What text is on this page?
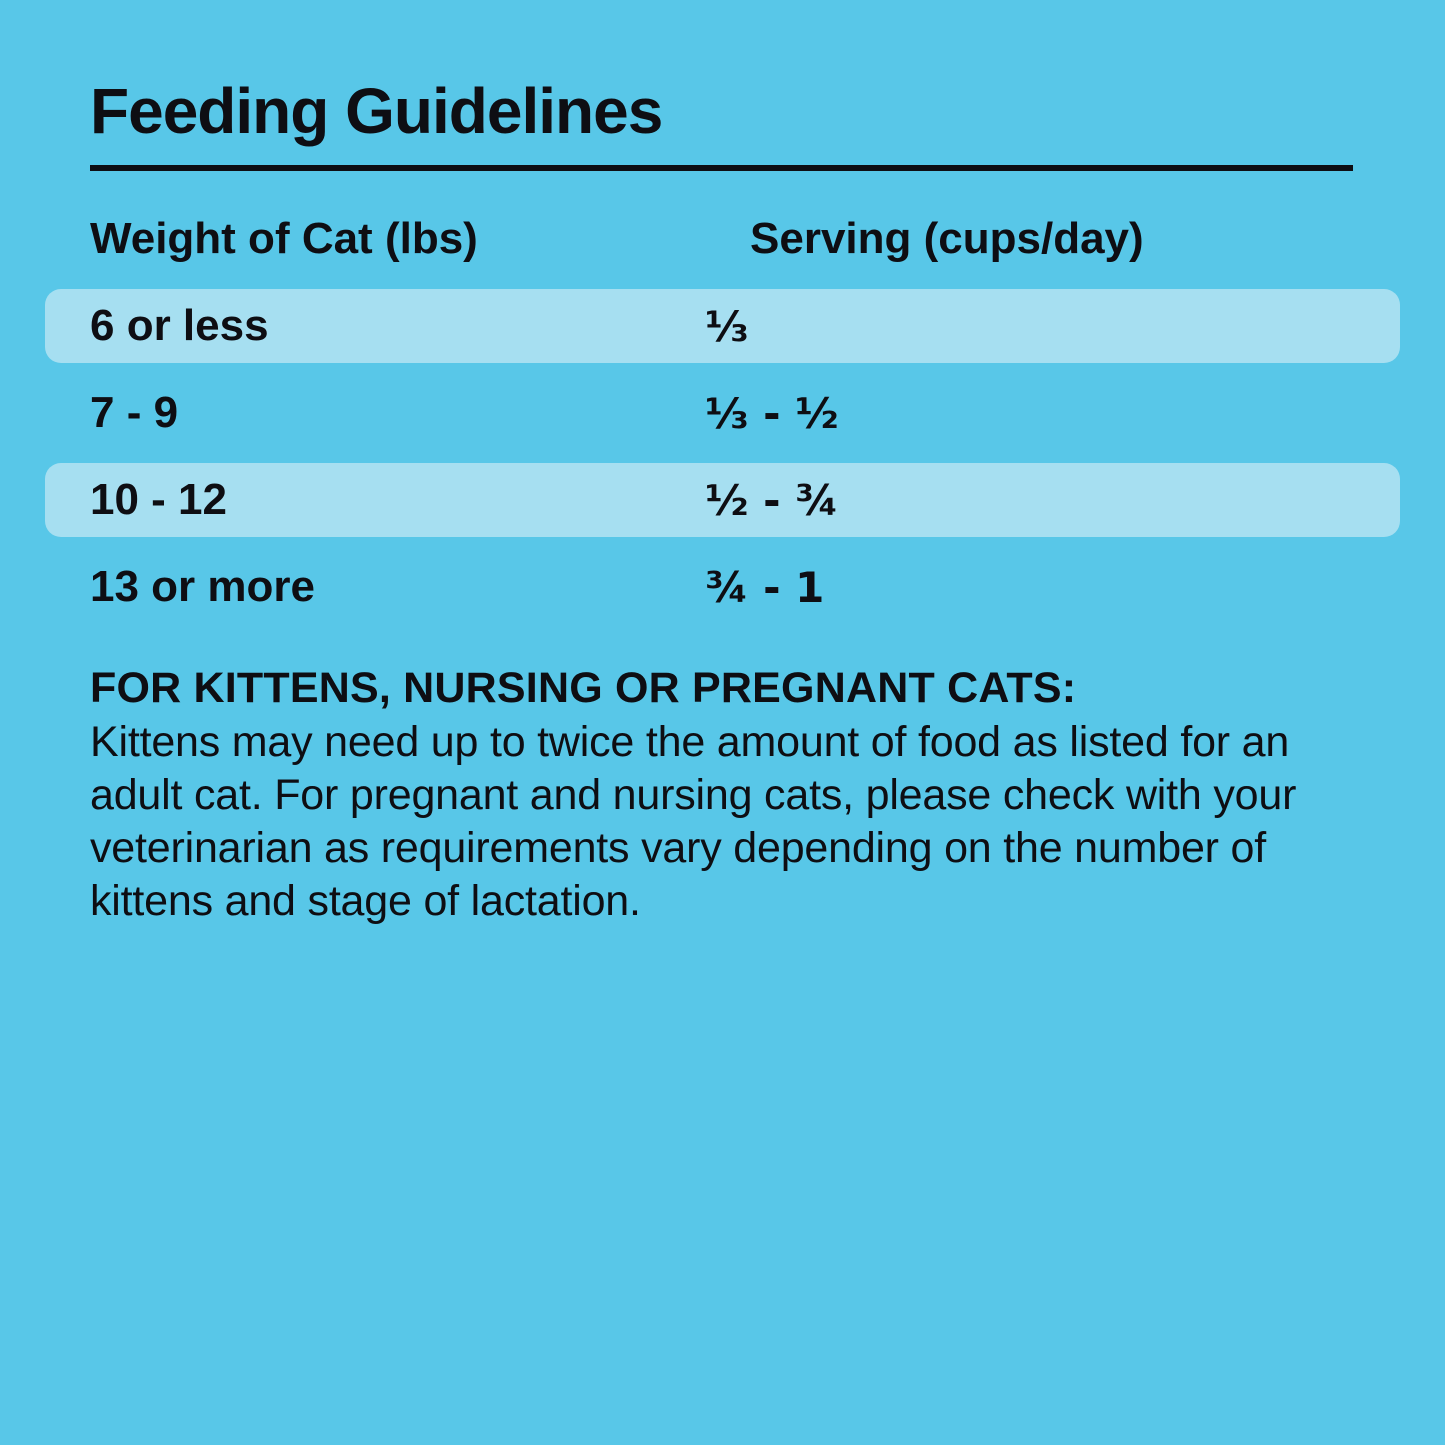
Feeding Guidelines
Weight of Cat (lbs)	Serving (cups/day)
6 or less	⅓
7 - 9	⅓ - ½
10 - 12	½ - ¾
13 or more	¾ - 1
FOR KITTENS, NURSING OR PREGNANT CATS:
Kittens may need up to twice the amount of food as listed for an adult cat. For pregnant and nursing cats, please check with your veterinarian as requirements vary depending on the number of kittens and stage of lactation.
